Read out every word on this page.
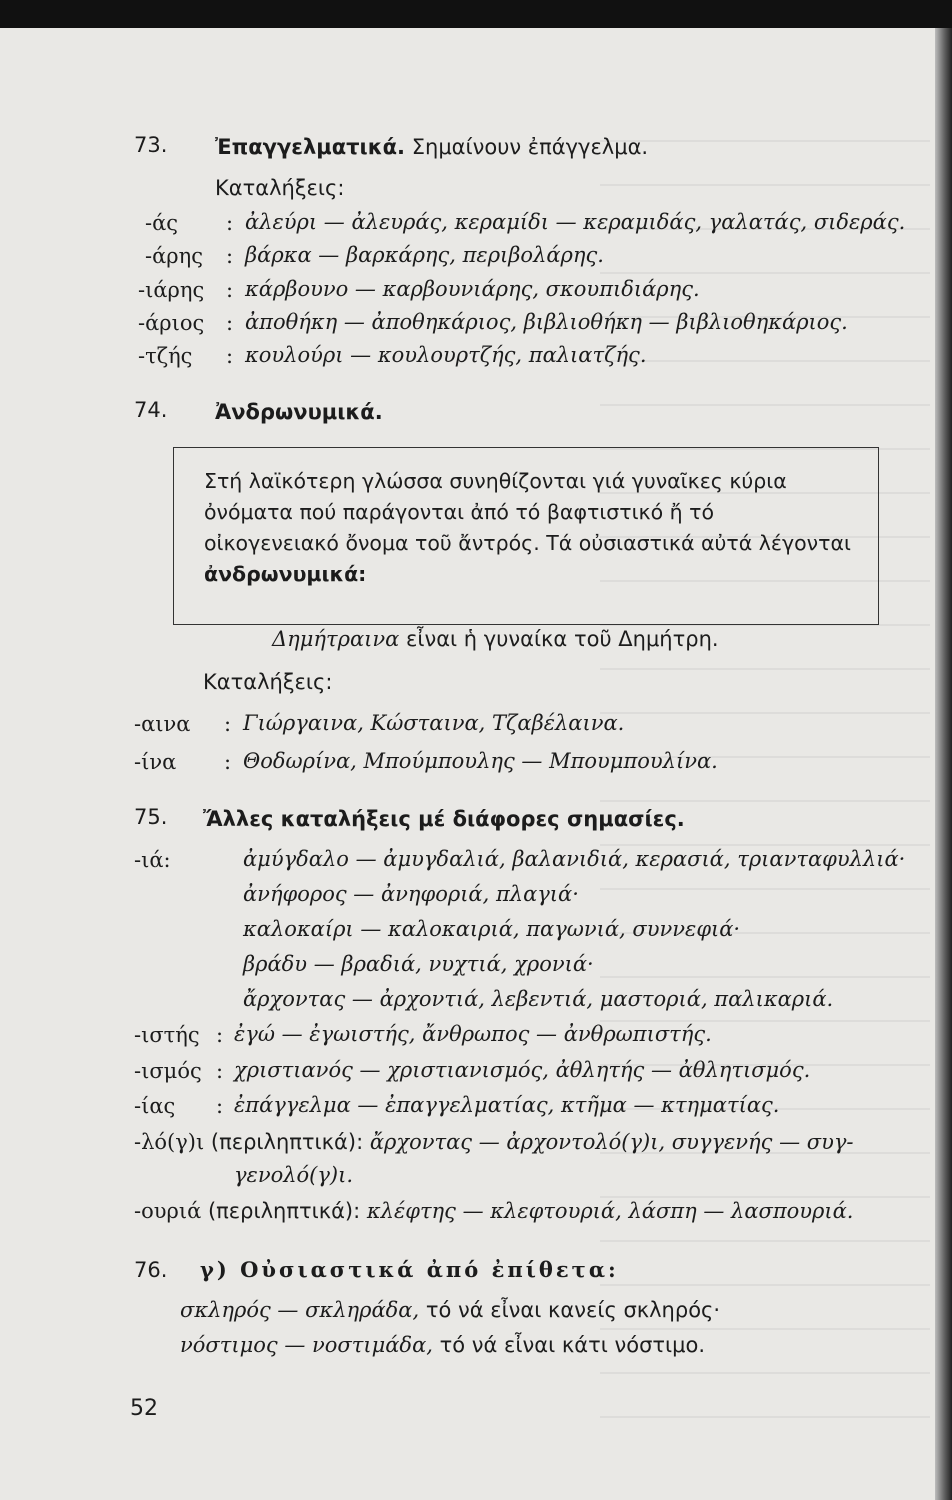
73. Ἐπαγγελματικά. Σημαίνουν ἐπάγγελμα.
Καταλήξεις:
-άς : ἀλεύρι — ἀλευράς, κεραμίδι — κεραμιδάς, γαλατάς, σιδεράς.
-άρης : βάρκα — βαρκάρης, περιβολάρης.
-ιάρης : κάρβουνο — καρβουνιάρης, σκουπιδιάρης.
-άριος : ἀποθήκη — ἀποθηκάριος, βιβλιοθήκη — βιβλιοθηκάριος.
-τζής : κουλούρι — κουλουρτζής, παλιατζής.
74. Ἀνδρωνυμικά.
Στή λαϊκότερη γλώσσα συνηθίζονται γιά γυναῖκες κύρια ὀνόματα πού παράγονται ἀπό τό βαφτιστικό ἤ τό οἰκογενειακό ὄνομα τοῦ ἄντρός. Τά οὐσιαστικά αὐτά λέγονται ἀνδρωνυμικά:
Δημήτραινα εἶναι ἡ γυναίκα τοῦ Δημήτρη.
Καταλήξεις:
-αινα : Γιώργαινα, Κώσταινα, Τζαβέλαινα.
-ίνα : Θοδωρίνα, Μπούμπουλης — Μπουμπουλίνα.
75. Ἄλλες καταλήξεις μέ διάφορες σημασίες.
-ιά:	ἀμύγδαλο — ἀμυγδαλιά, βαλανιδιά, κερασιά, τριανταφυλλιά·
ἀνήφορος — ἀνηφοριά, πλαγιά·
καλοκαίρι — καλοκαιριά, παγωνιά, συννεφιά·
βράδυ — βραδιά, νυχτιά, χρονιά·
ἄρχοντας — ἀρχοντιά, λεβεντιά, μαστοριά, παλικαριά.
-ιστής : ἐγώ — ἐγωιστής, ἄνθρωπος — ἀνθρωπιστής.
-ισμός : χριστιανός — χριστιανισμός, ἀθλητής — ἀθλητισμός.
-ίας : ἐπάγγελμα — ἐπαγγελματίας, κτῆμα — κτηματίας.
-λό(γ)ι (περιληπτικά): ἄρχοντας — ἀρχοντολό(γ)ι, συγγενής — συγ-
γενολό(γ)ι.
-ουριά (περιληπτικά): κλέφτης — κλεφτουριά, λάσπη — λασπουριά.
76. γ) Οὐσιαστικά ἀπό ἐπίθετα:
σκληρός — σκληράδα, τό νά εἶναι κανείς σκληρός·
νόστιμος — νοστιμάδα, τό νά εἶναι κάτι νόστιμο.
52
